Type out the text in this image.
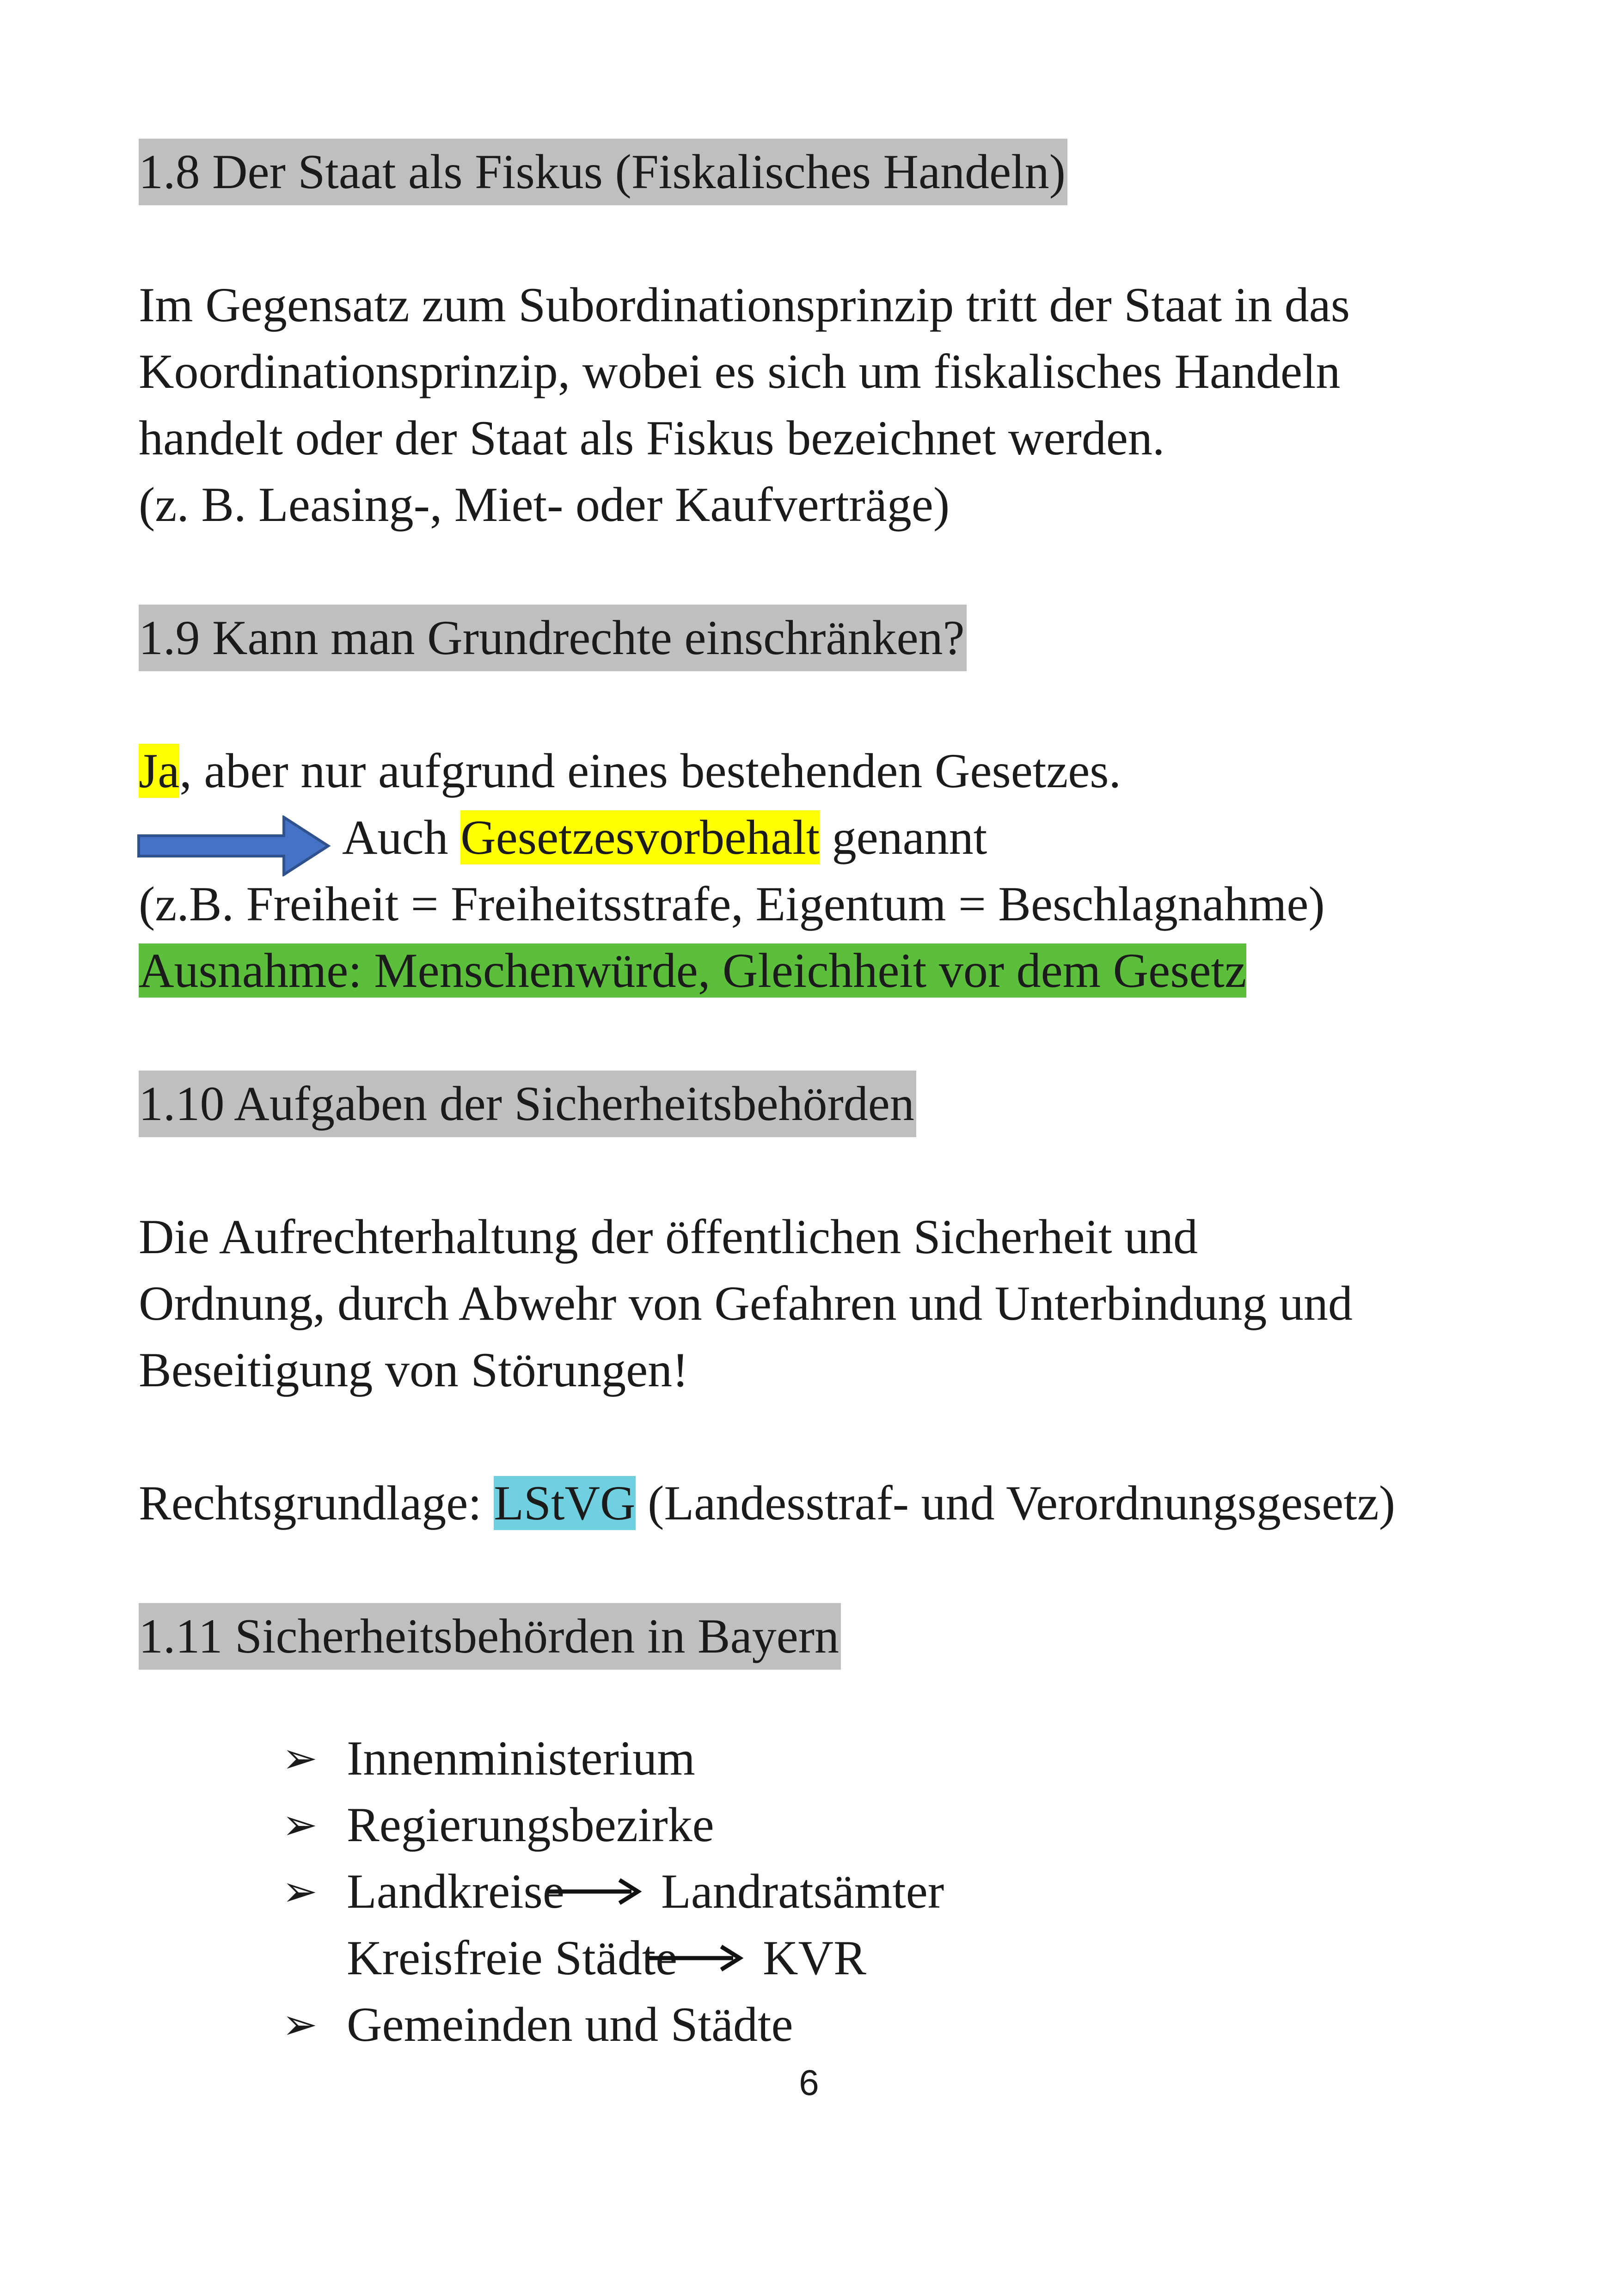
1.8 Der Staat als Fiskus (Fiskalisches Handeln)

Im Gegensatz zum Subordinationsprinzip tritt der Staat in das

Koordinationsprinzip, wobei es sich um fiskalisches Handeln

handelt oder der Staat als Fiskus bezeichnet werden.

(z. B. Leasing-, Miet- oder Kaufverträge)

1.9 Kann man Grundrechte einschränken?

Ja, aber nur aufgrund eines bestehenden Gesetzes.

Auch Gesetzesvorbehalt genannt

(z.B. Freiheit = Freiheitsstrafe, Eigentum = Beschlagnahme)

Ausnahme: Menschenwürde, Gleichheit vor dem Gesetz

1.10 Aufgaben der Sicherheitsbehörden

Die Aufrechterhaltung der öffentlichen Sicherheit und

Ordnung, durch Abwehr von Gefahren und Unterbindung und

Beseitigung von Störungen!

Rechtsgrundlage: LStVG (Landesstraf- und Verordnungsgesetz)

1.11 Sicherheitsbehörden in Bayern

➢ Innenministerium
➢ Regierungsbezirke
➢ Landkreise	Landratsämter
Kreisfreie Städte	KVR
➢ Gemeinden und Städte
6
